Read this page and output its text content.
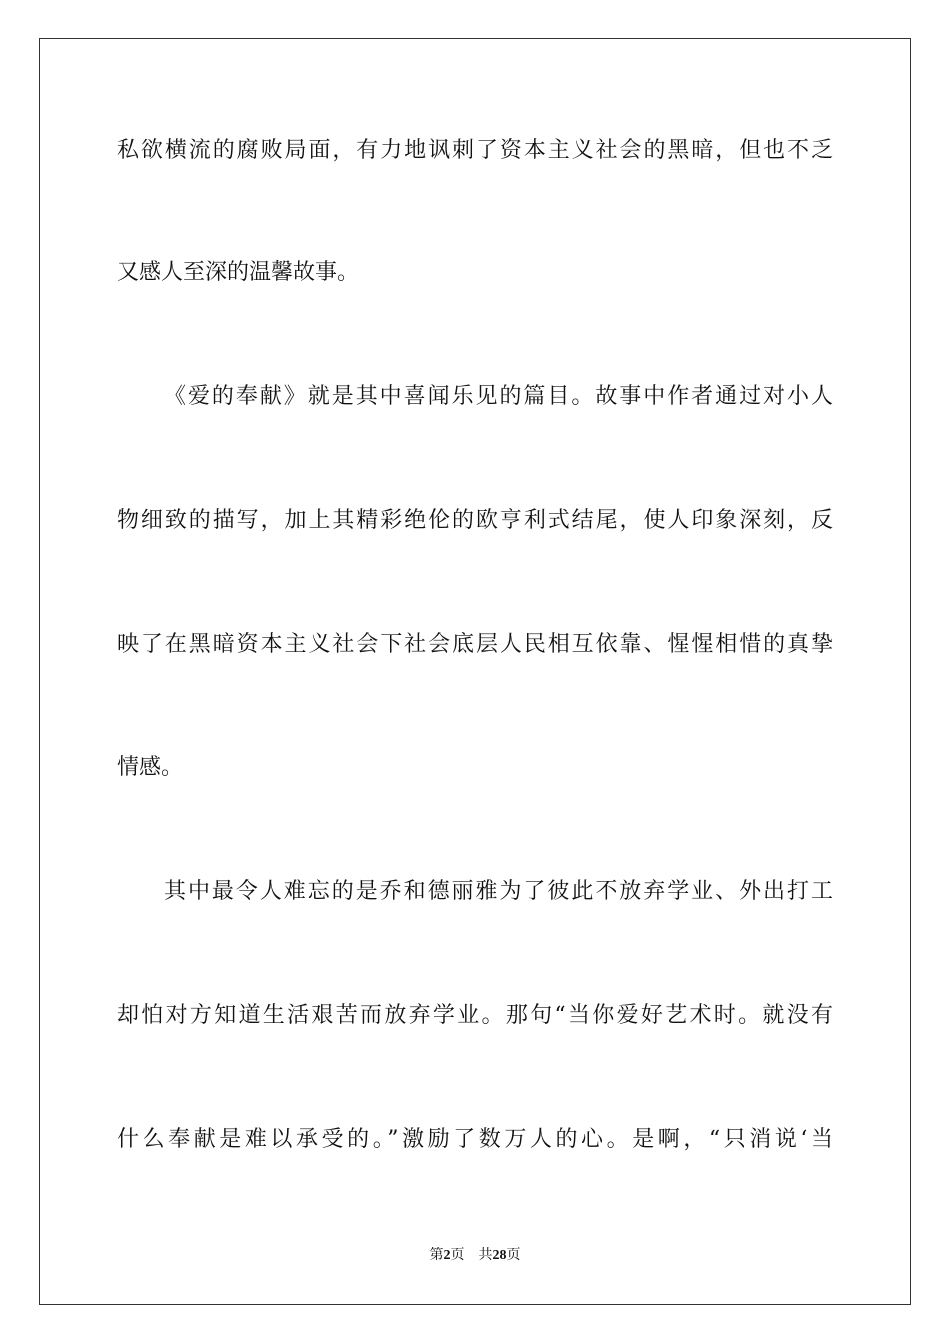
私欲横流的腐败局面，有力地讽刺了资本主义社会的黑暗，但也不乏
又感人至深的温馨故事。
《爱的奉献》就是其中喜闻乐见的篇目。故事中作者通过对小人
物细致的描写，加上其精彩绝伦的欧亨利式结尾，使人印象深刻，反
映了在黑暗资本主义社会下社会底层人民相互依靠、惺惺相惜的真挚
情感。
其中最令人难忘的是乔和德丽雅为了彼此不放弃学业、外出打工
却怕对方知道生活艰苦而放弃学业。那句“当你爱好艺术时。就没有
什么奉献是难以承受的。”激励了数万人的心。是啊，“只消说‘当
第2页 共28页
